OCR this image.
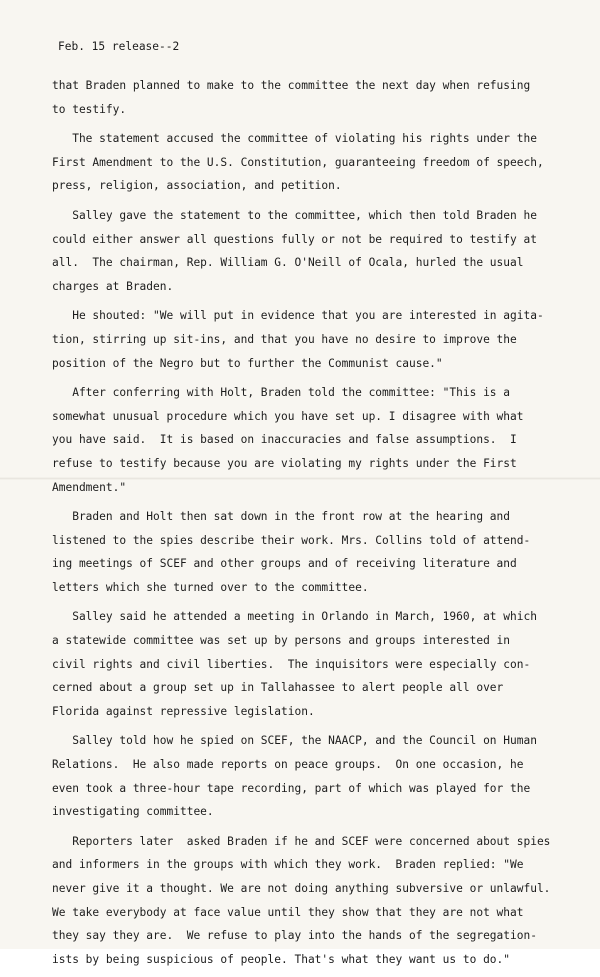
Feb. 15 release--2
that Braden planned to make to the committee the next day when refusing
to testify.
The statement accused the committee of violating his rights under the
First Amendment to the U.S. Constitution, guaranteeing freedom of speech,
press, religion, association, and petition.
Salley gave the statement to the committee, which then told Braden he
could either answer all questions fully or not be required to testify at
all.  The chairman, Rep. William G. O'Neill of Ocala, hurled the usual
charges at Braden.
He shouted: "We will put in evidence that you are interested in agita-
tion, stirring up sit-ins, and that you have no desire to improve the
position of the Negro but to further the Communist cause."
After conferring with Holt, Braden told the committee: "This is a
somewhat unusual procedure which you have set up. I disagree with what
you have said.  It is based on inaccuracies and false assumptions.  I
refuse to testify because you are violating my rights under the First
Amendment."
Braden and Holt then sat down in the front row at the hearing and
listened to the spies describe their work. Mrs. Collins told of attend-
ing meetings of SCEF and other groups and of receiving literature and
letters which she turned over to the committee.
Salley said he attended a meeting in Orlando in March, 1960, at which
a statewide committee was set up by persons and groups interested in
civil rights and civil liberties.  The inquisitors were especially con-
cerned about a group set up in Tallahassee to alert people all over
Florida against repressive legislation.
Salley told how he spied on SCEF, the NAACP, and the Council on Human
Relations.  He also made reports on peace groups.  On one occasion, he
even took a three-hour tape recording, part of which was played for the
investigating committee.
Reporters later  asked Braden if he and SCEF were concerned about spies
and informers in the groups with which they work.  Braden replied: "We
never give it a thought. We are not doing anything subversive or unlawful.
We take everybody at face value until they show that they are not what
they say they are.  We refuse to play into the hands of the segregation-
ists by being suspicious of people. That's what they want us to do."
